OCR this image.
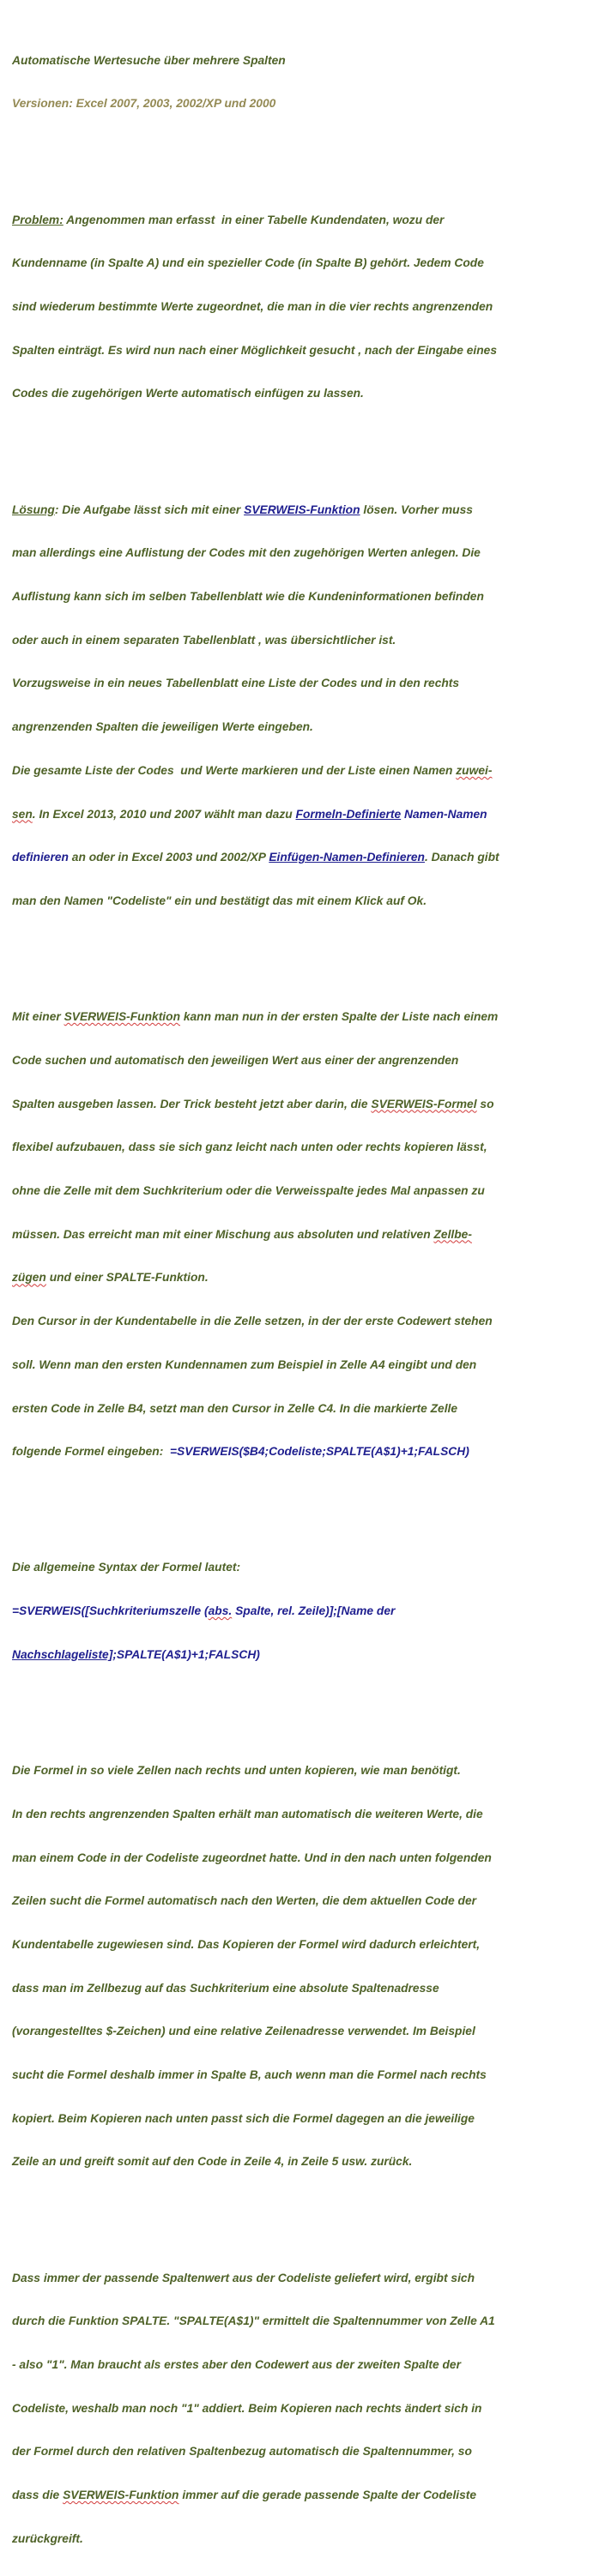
Automatische Wertesuche über mehrere Spalten

Versionen: Excel 2007, 2003, 2002/XP und 2000

Problem: Angenommen man erfasst  in einer Tabelle Kundendaten, wozu der

Kundenname (in Spalte A) und ein spezieller Code (in Spalte B) gehört. Jedem Code

sind wiederum bestimmte Werte zugeordnet, die man in die vier rechts angrenzenden

Spalten einträgt. Es wird nun nach einer Möglichkeit gesucht , nach der Eingabe eines

Codes die zugehörigen Werte automatisch einfügen zu lassen.

Lösung: Die Aufgabe lässt sich mit einer SVERWEIS-Funktion lösen. Vorher muss

man allerdings eine Auflistung der Codes mit den zugehörigen Werten anlegen. Die

Auflistung kann sich im selben Tabellenblatt wie die Kundeninformationen befinden

oder auch in einem separaten Tabellenblatt , was übersichtlicher ist.

Vorzugsweise in ein neues Tabellenblatt eine Liste der Codes und in den rechts

angrenzenden Spalten die jeweiligen Werte eingeben.

Die gesamte Liste der Codes  und Werte markieren und der Liste einen Namen zuwei-

sen. In Excel 2013, 2010 und 2007 wählt man dazu Formeln-Definierte Namen-Namen

definieren an oder in Excel 2003 und 2002/XP Einfügen-Namen-Definieren. Danach gibt

man den Namen "Codeliste" ein und bestätigt das mit einem Klick auf Ok.

Mit einer SVERWEIS-Funktion kann man nun in der ersten Spalte der Liste nach einem

Code suchen und automatisch den jeweiligen Wert aus einer der angrenzenden

Spalten ausgeben lassen. Der Trick besteht jetzt aber darin, die SVERWEIS-Formel so

flexibel aufzubauen, dass sie sich ganz leicht nach unten oder rechts kopieren lässt,

ohne die Zelle mit dem Suchkriterium oder die Verweisspalte jedes Mal anpassen zu

müssen. Das erreicht man mit einer Mischung aus absoluten und relativen Zellbe-

zügen und einer SPALTE-Funktion.

Den Cursor in der Kundentabelle in die Zelle setzen, in der der erste Codewert stehen

soll. Wenn man den ersten Kundennamen zum Beispiel in Zelle A4 eingibt und den

ersten Code in Zelle B4, setzt man den Cursor in Zelle C4. In die markierte Zelle

folgende Formel eingeben:  =SVERWEIS($B4;Codeliste;SPALTE(A$1)+1;FALSCH)

Die allgemeine Syntax der Formel lautet:

=SVERWEIS([Suchkriteriumszelle (abs. Spalte, rel. Zeile)];[Name der

Nachschlageliste];SPALTE(A$1)+1;FALSCH)

Die Formel in so viele Zellen nach rechts und unten kopieren, wie man benötigt.

In den rechts angrenzenden Spalten erhält man automatisch die weiteren Werte, die

man einem Code in der Codeliste zugeordnet hatte. Und in den nach unten folgenden

Zeilen sucht die Formel automatisch nach den Werten, die dem aktuellen Code der

Kundentabelle zugewiesen sind. Das Kopieren der Formel wird dadurch erleichtert,

dass man im Zellbezug auf das Suchkriterium eine absolute Spaltenadresse

(vorangestelltes $-Zeichen) und eine relative Zeilenadresse verwendet. Im Beispiel

sucht die Formel deshalb immer in Spalte B, auch wenn man die Formel nach rechts

kopiert. Beim Kopieren nach unten passt sich die Formel dagegen an die jeweilige

Zeile an und greift somit auf den Code in Zeile 4, in Zeile 5 usw. zurück.

Dass immer der passende Spaltenwert aus der Codeliste geliefert wird, ergibt sich

durch die Funktion SPALTE. "SPALTE(A$1)" ermittelt die Spaltennummer von Zelle A1

- also "1". Man braucht als erstes aber den Codewert aus der zweiten Spalte der

Codeliste, weshalb man noch "1" addiert. Beim Kopieren nach rechts ändert sich in

der Formel durch den relativen Spaltenbezug automatisch die Spaltennummer, so

dass die SVERWEIS-Funktion immer auf die gerade passende Spalte der Codeliste

zurückgreift.
